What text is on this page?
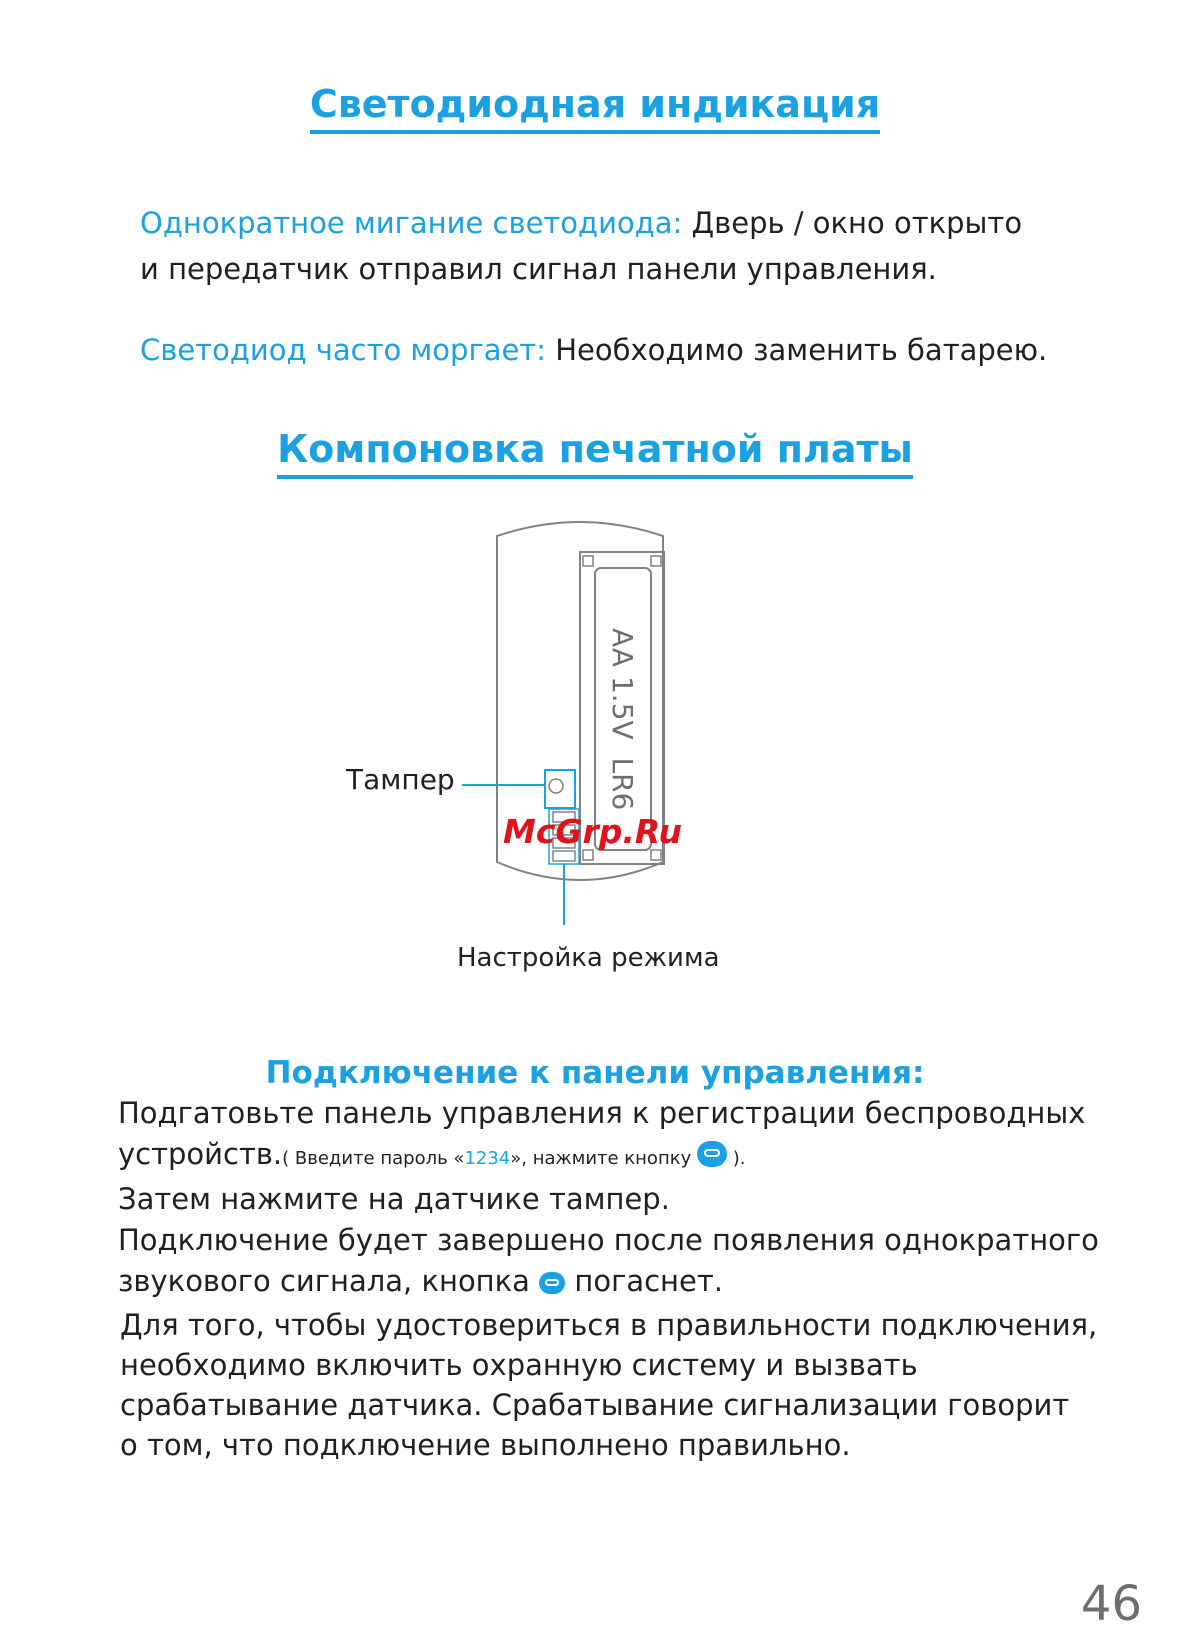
Светодиодная индикация
Однократное мигание светодиода: Дверь / окно открыто
и передатчик отправил сигнал панели управления.
Светодиод часто моргает: Необходимо заменить батарею.
Компоновка печатной платы
AA 1.5V  LR6
Тампер
Настройка режима
McGrp.Ru
Подключение к панели управления:
Подгатовьте панель управления к регистрации беспроводных
устройств.( Введите пароль «1234», нажмите кнопку  ).
Затем нажмите на датчике тампер.
Подключение будет завершено после появления однократного
звукового сигнала, кнопка  погаснет.
Для того, чтобы удостовериться в правильности подключения,
необходимо включить охранную систему и вызвать
срабатывание датчика. Срабатывание сигнализации говорит
о том, что подключение выполнено правильно.
46
